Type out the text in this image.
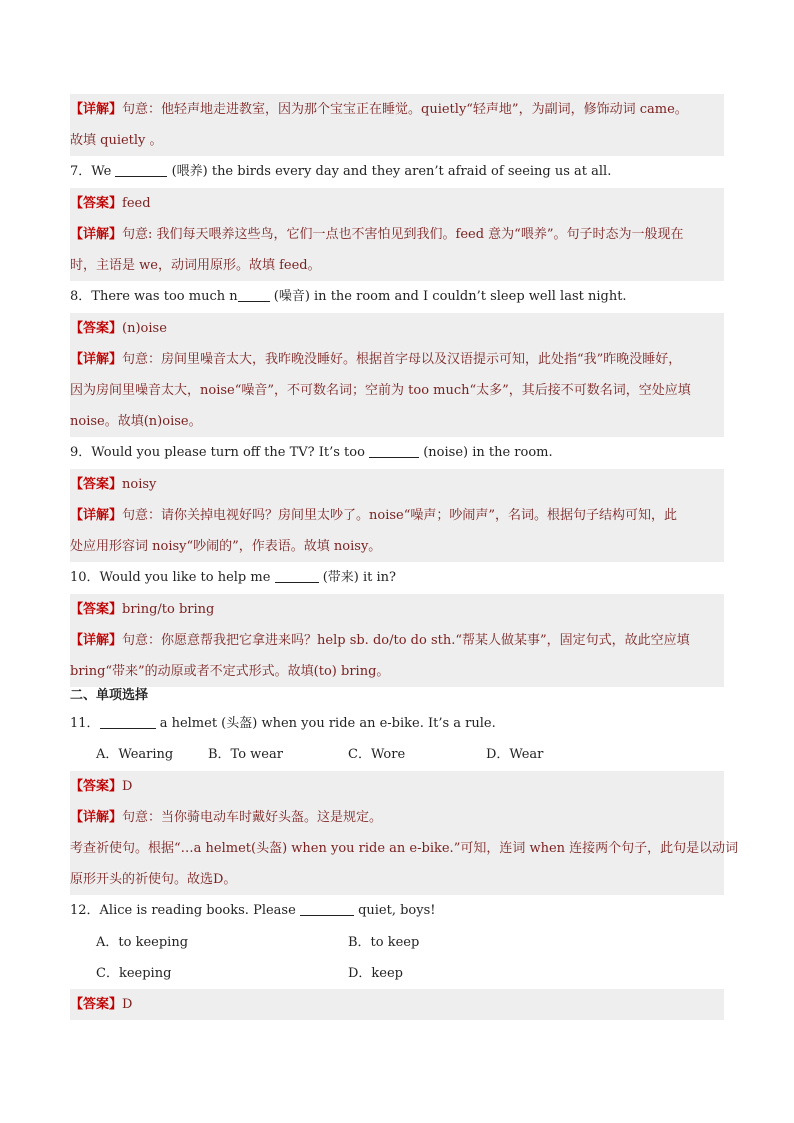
【详解】句意：他轻声地走进教室，因为那个宝宝正在睡觉。quietly“轻声地”，为副词，修饰动词 came。
故填 quietly 。
7．We	(喂养) the birds every day and they aren’t afraid of seeing us at all.
【答案】feed
【详解】句意: 我们每天喂养这些鸟，它们一点也不害怕见到我们。feed 意为“喂养”。句子时态为一般现在
时，主语是 we，动词用原形。故填 feed。
8．There was too much n	(噪音) in the room and I couldn’t sleep well last night.
【答案】(n)oise
【详解】句意：房间里噪音太大，我昨晚没睡好。根据首字母以及汉语提示可知，此处指“我”昨晚没睡好，
因为房间里噪音太大，noise“噪音”，不可数名词；空前为 too much“太多”，其后接不可数名词，空处应填
noise。故填(n)oise。
9．Would you please turn off the TV? It’s too	(noise) in the room.
【答案】noisy
【详解】句意：请你关掉电视好吗？房间里太吵了。noise“噪声；吵闹声”，名词。根据句子结构可知，此
处应用形容词 noisy“吵闹的”，作表语。故填 noisy。
10．Would you like to help me	(带来) it in?
【答案】bring/to bring
【详解】句意：你愿意帮我把它拿进来吗？help sb. do/to do sth.“帮某人做某事”，固定句式，故此空应填
bring“带来”的动原或者不定式形式。故填(to) bring。
二、单项选择
11．	a helmet (头盔) when you ride an e-bike. It’s a rule.
A．Wearing	B．To wear	C．Wore	D．Wear
【答案】D
【详解】句意：当你骑电动车时戴好头盔。这是规定。
考查祈使句。根据“…a helmet(头盔) when you ride an e-bike.”可知，连词 when 连接两个句子，此句是以动词
原形开头的祈使句。故选D。
12．Alice is reading books. Please	quiet, boys!
A．to keeping	B．to keep
C．keeping	D．keep
【答案】D
